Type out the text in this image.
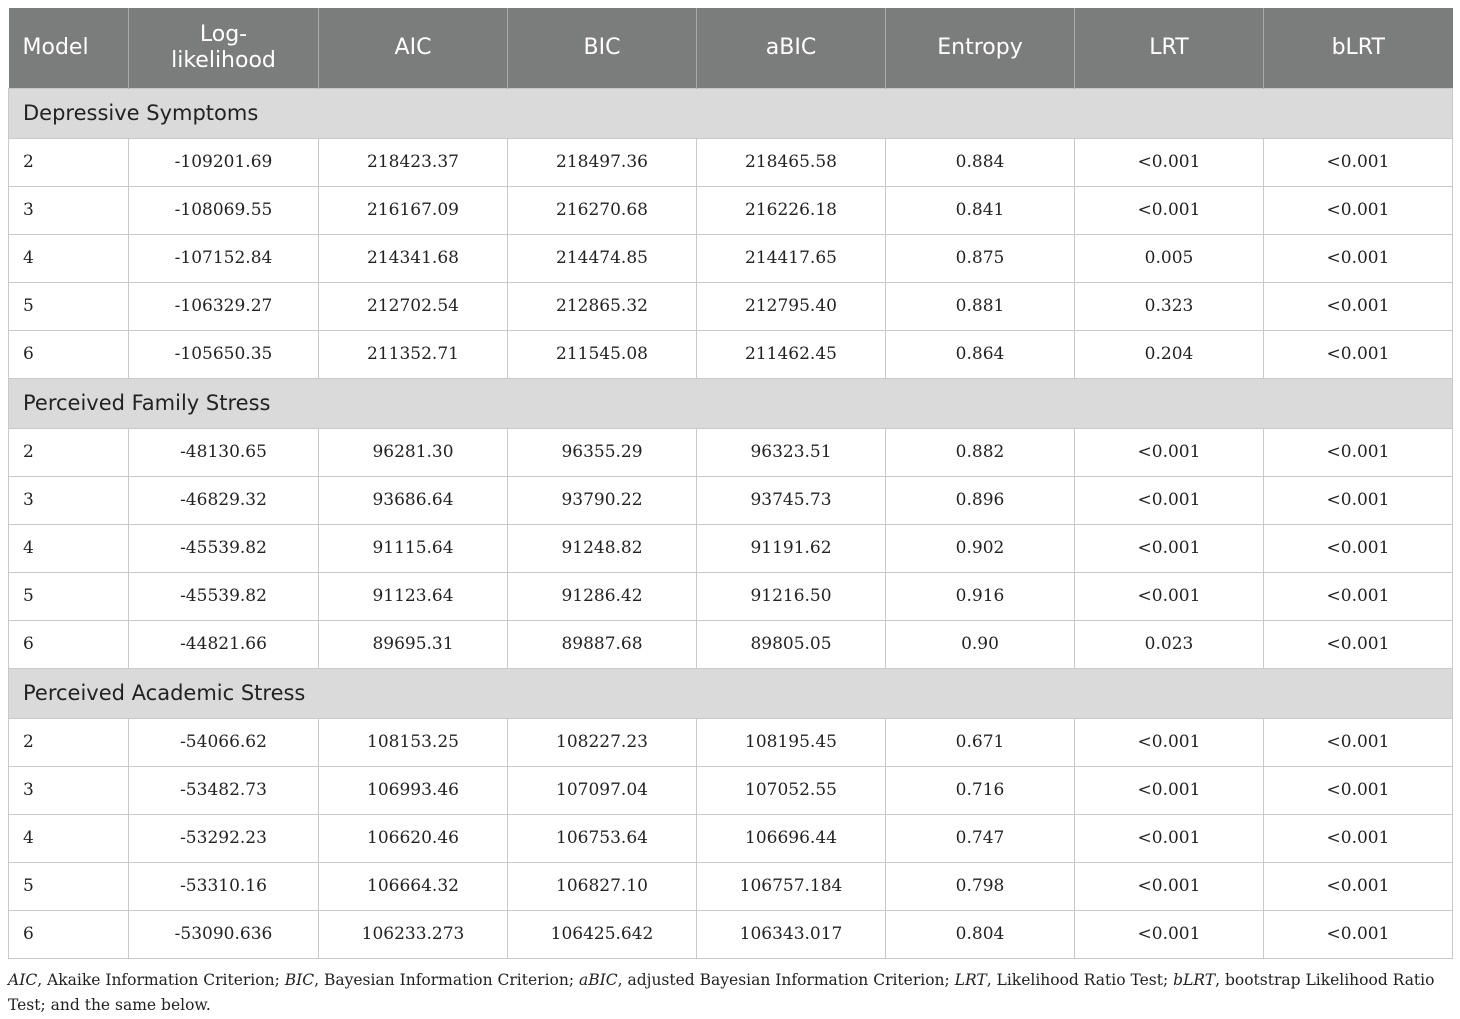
Model	Log-
likelihood	AIC	BIC	aBIC	Entropy	LRT	bLRT
Depressive Symptoms							
2	-109201.69	218423.37	218497.36	218465.58	0.884	<0.001	<0.001
3	-108069.55	216167.09	216270.68	216226.18	0.841	<0.001	<0.001
4	-107152.84	214341.68	214474.85	214417.65	0.875	0.005	<0.001
5	-106329.27	212702.54	212865.32	212795.40	0.881	0.323	<0.001
6	-105650.35	211352.71	211545.08	211462.45	0.864	0.204	<0.001
Perceived Family Stress							
2	-48130.65	96281.30	96355.29	96323.51	0.882	<0.001	<0.001
3	-46829.32	93686.64	93790.22	93745.73	0.896	<0.001	<0.001
4	-45539.82	91115.64	91248.82	91191.62	0.902	<0.001	<0.001
5	-45539.82	91123.64	91286.42	91216.50	0.916	<0.001	<0.001
6	-44821.66	89695.31	89887.68	89805.05	0.90	0.023	<0.001
Perceived Academic Stress							
2	-54066.62	108153.25	108227.23	108195.45	0.671	<0.001	<0.001
3	-53482.73	106993.46	107097.04	107052.55	0.716	<0.001	<0.001
4	-53292.23	106620.46	106753.64	106696.44	0.747	<0.001	<0.001
5	-53310.16	106664.32	106827.10	106757.184	0.798	<0.001	<0.001
6	-53090.636	106233.273	106425.642	106343.017	0.804	<0.001	<0.001
AIC, Akaike Information Criterion; BIC, Bayesian Information Criterion; aBIC, adjusted Bayesian Information Criterion; LRT, Likelihood Ratio Test; bLRT, bootstrap Likelihood Ratio Test; and the same below.
